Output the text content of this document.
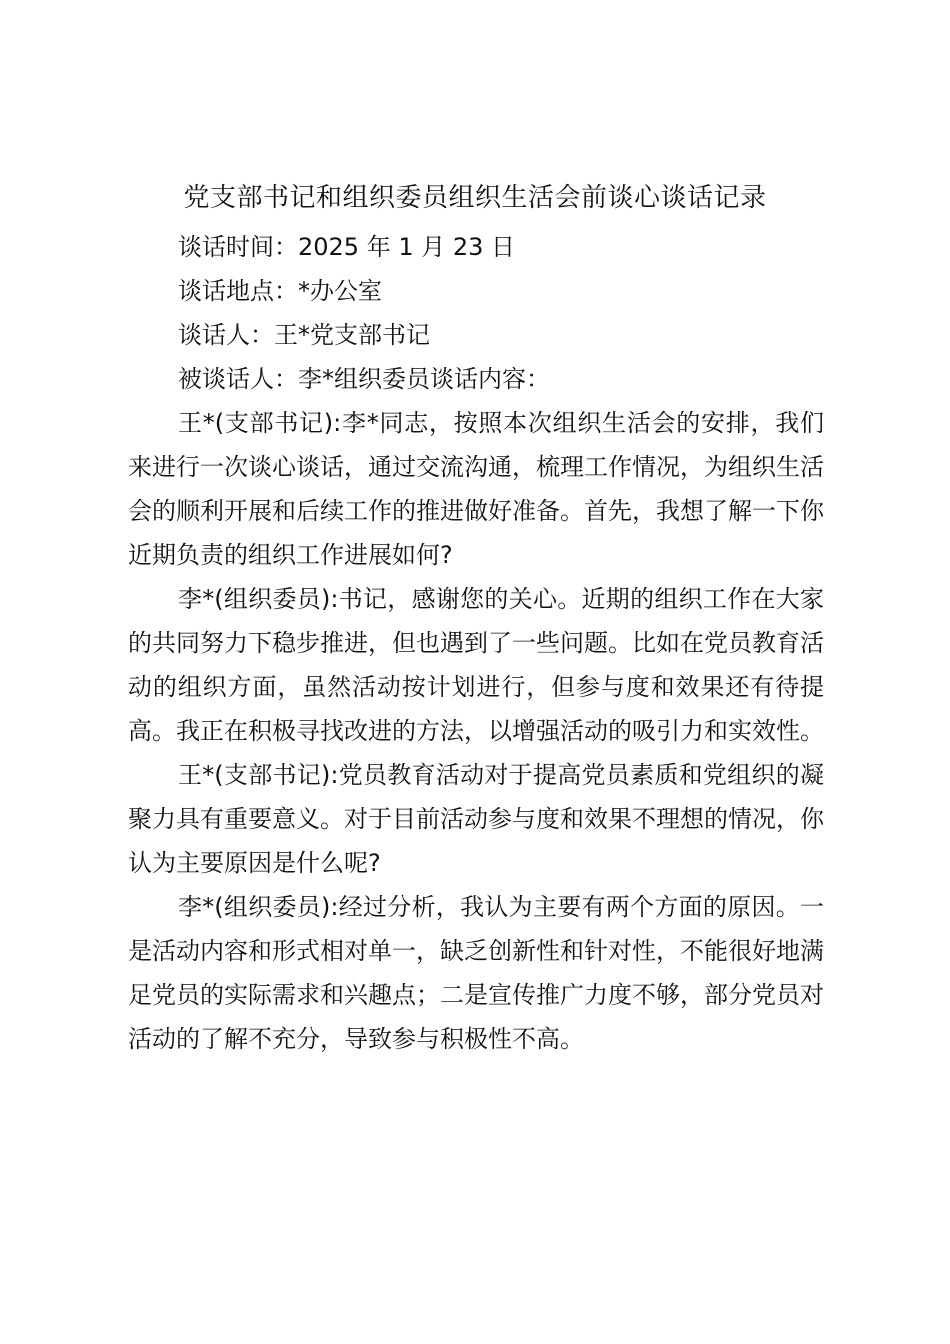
党支部书记和组织委员组织生活会前谈心谈话记录

谈话时间：2025 年 1 月 23 日

谈话地点：*办公室

谈话人：王*党支部书记

被谈话人：李*组织委员谈话内容：

王*(支部书记):李*同志，按照本次组织生活会的安排，我们来进行一次谈心谈话，通过交流沟通，梳理工作情况，为组织生活会的顺利开展和后续工作的推进做好准备。首先，我想了解一下你近期负责的组织工作进展如何?

李*(组织委员):书记，感谢您的关心。近期的组织工作在大家的共同努力下稳步推进，但也遇到了一些问题。比如在党员教育活动的组织方面，虽然活动按计划进行，但参与度和效果还有待提高。我正在积极寻找改进的方法，以增强活动的吸引力和实效性。

王*(支部书记):党员教育活动对于提高党员素质和党组织的凝聚力具有重要意义。对于目前活动参与度和效果不理想的情况，你认为主要原因是什么呢?

李*(组织委员):经过分析，我认为主要有两个方面的原因。一是活动内容和形式相对单一，缺乏创新性和针对性，不能很好地满足党员的实际需求和兴趣点；二是宣传推广力度不够，部分党员对活动的了解不充分，导致参与积极性不高。
